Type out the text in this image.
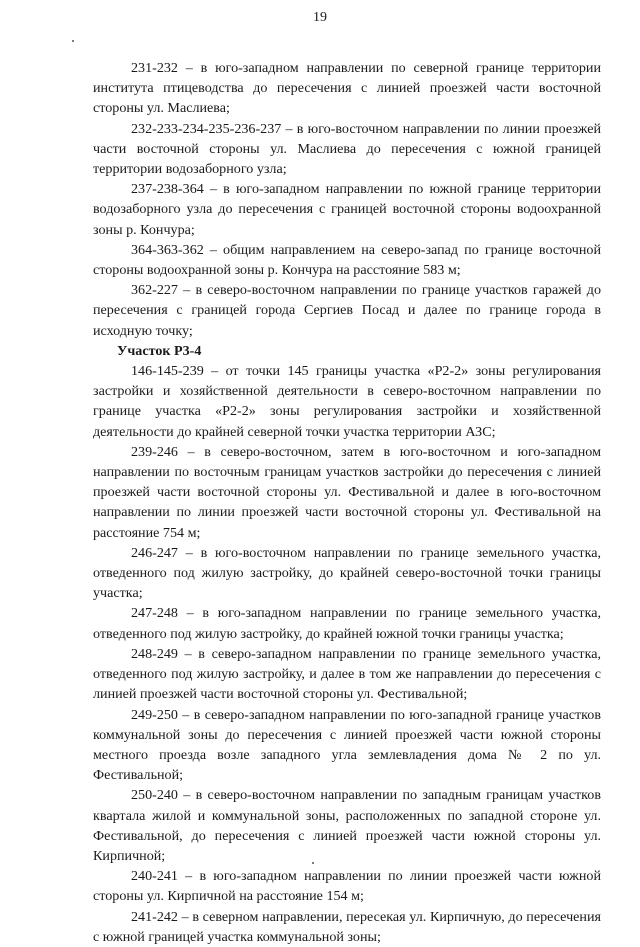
19

231-232 – в юго-западном направлении по северной границе территории института птицеводства до пересечения с линией проезжей части восточной стороны ул. Маслиева;

232-233-234-235-236-237 – в юго-восточном направлении по линии проезжей части восточной стороны ул. Маслиева до пересечения с южной границей территории водозаборного узла;

237-238-364 – в юго-западном направлении по южной границе территории водозаборного узла до пересечения с границей восточной стороны водоохранной зоны р. Кончура;

364-363-362 – общим направлением на северо-запад по границе восточной стороны водоохранной зоны р. Кончура на расстояние 583 м;

362-227 – в северо-восточном направлении по границе участков гаражей до пересечения с границей города Сергиев Посад и далее по границе города в исходную точку;

Участок Р3-4

146-145-239 – от точки 145 границы участка «Р2-2» зоны регулирования застройки и хозяйственной деятельности в северо-восточном направлении по границе участка «Р2-2» зоны регулирования застройки и хозяйственной деятельности до крайней северной точки участка территории АЗС;

239-246 – в северо-восточном, затем в юго-восточном и юго-западном направлении по восточным границам участков застройки до пересечения с линией проезжей части восточной стороны ул. Фестивальной и далее в юго-восточном направлении по линии проезжей части восточной стороны ул. Фестивальной на расстояние 754 м;

246-247 – в юго-восточном направлении по границе земельного участка, отведенного под жилую застройку, до крайней северо-восточной точки границы участка;

247-248 – в юго-западном направлении по границе земельного участка, отведенного под жилую застройку, до крайней южной точки границы участка;

248-249 – в северо-западном направлении по границе земельного участка, отведенного под жилую застройку, и далее в том же направлении до пересечения с линией проезжей части восточной стороны ул. Фестивальной;

249-250 – в северо-западном направлении по юго-западной границе участков коммунальной зоны до пересечения с линией проезжей части южной стороны местного проезда возле западного угла землевладения дома № 2 по ул. Фестивальной;

250-240 – в северо-восточном направлении по западным границам участков квартала жилой и коммунальной зоны, расположенных по западной стороне ул. Фестивальной, до пересечения с линией проезжей части южной стороны ул. Кирпичной;

240-241 – в юго-западном направлении по линии проезжей части южной стороны ул. Кирпичной на расстояние 154 м;

241-242 – в северном направлении, пересекая ул. Кирпичную, до пересечения с южной границей участка коммунальной зоны;
